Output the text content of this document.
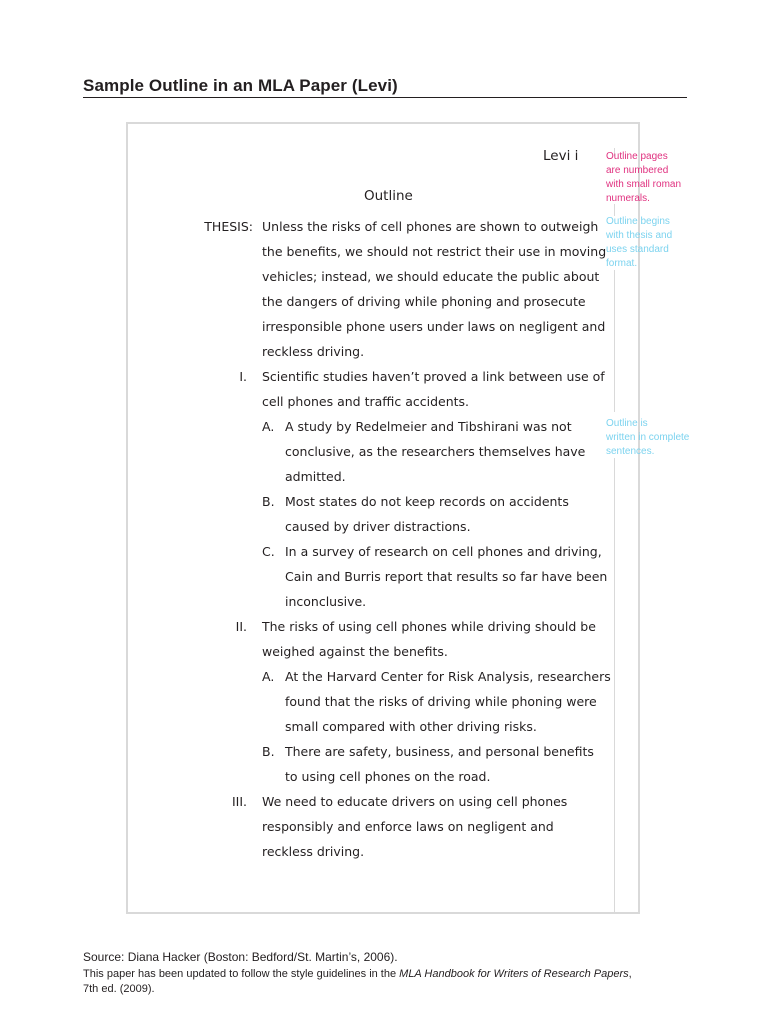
Sample Outline in an MLA Paper (Levi)
Levi i
Outline
THESIS: Unless the risks of cell phones are shown to outweigh
the benefits, we should not restrict their use in moving
vehicles; instead, we should educate the public about
the dangers of driving while phoning and prosecute
irresponsible phone users under laws on negligent and
reckless driving.
I. Scientific studies haven’t proved a link between use of
cell phones and traffic accidents.
A. A study by Redelmeier and Tibshirani was not
conclusive, as the researchers themselves have
admitted.
B. Most states do not keep records on accidents
caused by driver distractions.
C. In a survey of research on cell phones and driving,
Cain and Burris report that results so far have been
inconclusive.
II. The risks of using cell phones while driving should be
weighed against the benefits.
A. At the Harvard Center for Risk Analysis, researchers
found that the risks of driving while phoning were
small compared with other driving risks.
B. There are safety, business, and personal benefits
to using cell phones on the road.
III. We need to educate drivers on using cell phones
responsibly and enforce laws on negligent and
reckless driving.
Outline pages
are numbered
with small roman
numerals.
Outline begins
with thesis and
uses standard
format.
Outline is
written in complete
sentences.
Source: Diana Hacker (Boston: Bedford/St. Martin’s, 2006).
This paper has been updated to follow the style guidelines in the MLA Handbook for Writers of Research Papers,
7th ed. (2009).
